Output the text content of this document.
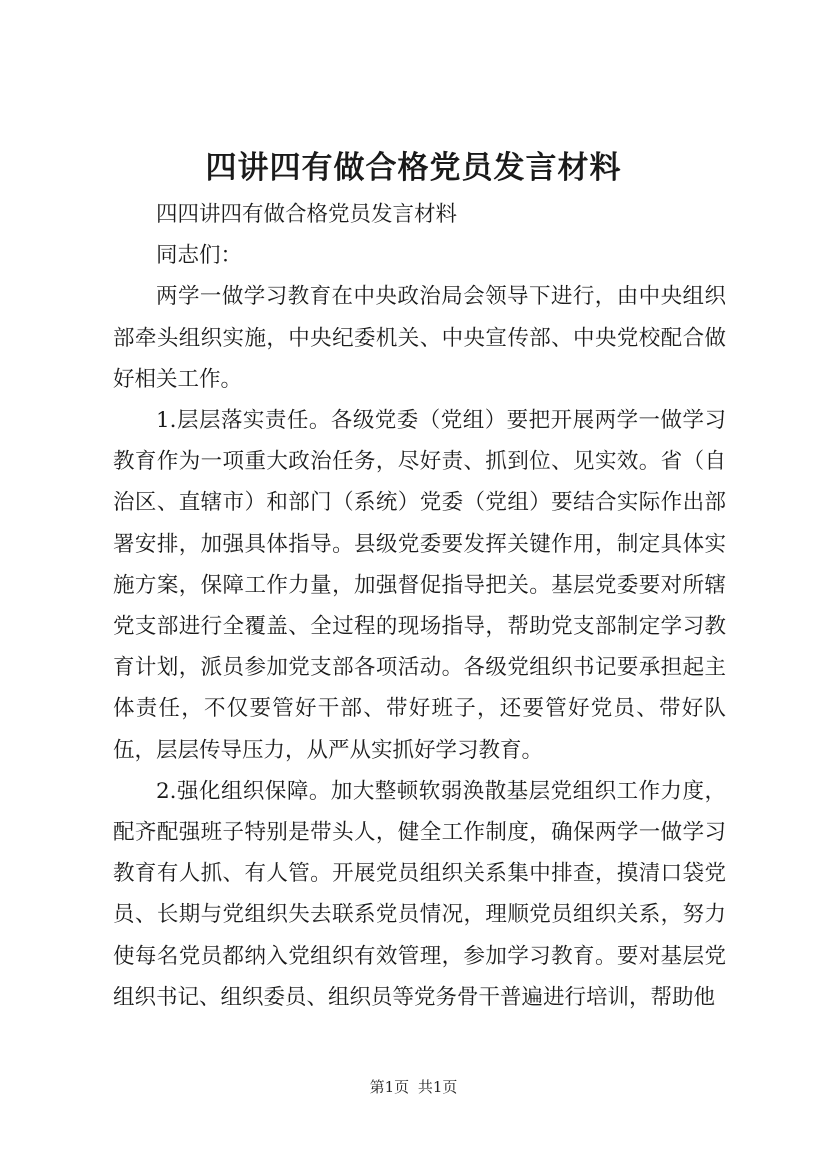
四讲四有做合格党员发言材料

四四讲四有做合格党员发言材料

同志们：

两学一做学习教育在中央政治局会领导下进行，由中央组织部牵头组织实施，中央纪委机关、中央宣传部、中央党校配合做好相关工作。

1.层层落实责任。各级党委（党组）要把开展两学一做学习教育作为一项重大政治任务，尽好责、抓到位、见实效。省（自治区、直辖市）和部门（系统）党委（党组）要结合实际作出部署安排，加强具体指导。县级党委要发挥关键作用，制定具体实施方案，保障工作力量，加强督促指导把关。基层党委要对所辖党支部进行全覆盖、全过程的现场指导，帮助党支部制定学习教育计划，派员参加党支部各项活动。各级党组织书记要承担起主体责任，不仅要管好干部、带好班子，还要管好党员、带好队伍，层层传导压力，从严从实抓好学习教育。

2.强化组织保障。加大整顿软弱涣散基层党组织工作力度，配齐配强班子特别是带头人，健全工作制度，确保两学一做学习教育有人抓、有人管。开展党员组织关系集中排查，摸清口袋党员、长期与党组织失去联系党员情况，理顺党员组织关系，努力使每名党员都纳入党组织有效管理，参加学习教育。要对基层党组织书记、组织委员、组织员等党务骨干普遍进行培训，帮助他

第1页 共1页
